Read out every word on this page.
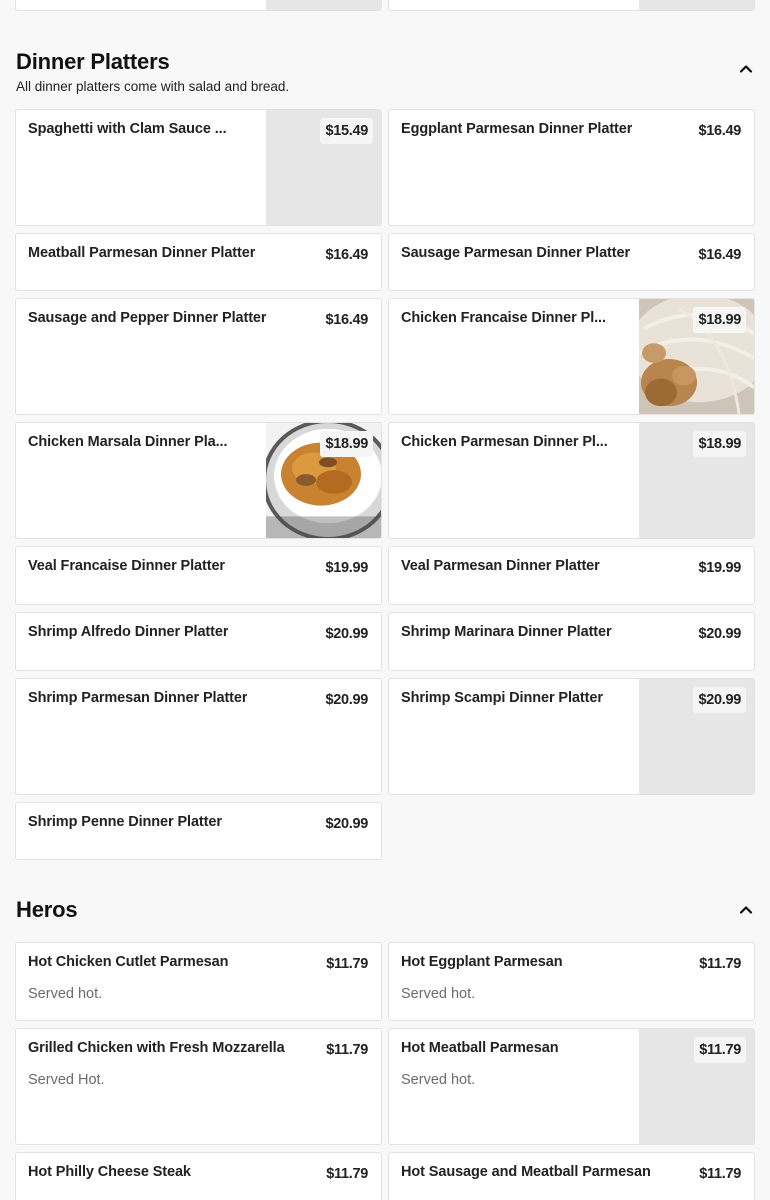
Dinner Platters
All dinner platters come with salad and bread.
Spaghetti with Clam Sauce ...	$15.49	Eggplant Parmesan Dinner Platter	$16.49
Meatball Parmesan Dinner Platter	$16.49 Sausage Parmesan Dinner Platter	$16.49
Sausage and Pepper Dinner Platter	$16.49 Chicken Francaise Dinner Pl...	$18.99
Chicken Marsala Dinner Pla...	$18.99	Chicken Parmesan Dinner Pl...	$18.99
Veal Francaise Dinner Platter	$19.99 Veal Parmesan Dinner Platter	$19.99
Shrimp Alfredo Dinner Platter	$20.99 Shrimp Marinara Dinner Platter	$20.99
Shrimp Parmesan Dinner Platter	$20.99 Shrimp Scampi Dinner Platter	$20.99
Shrimp Penne Dinner Platter	$20.99
Heros
Hot Chicken Cutlet Parmesan	$11.79
Served hot.
Hot Eggplant Parmesan	$11.79
Served hot.
Grilled Chicken with Fresh Mozzarella	$11.79
Served Hot.
Hot Meatball Parmesan
Served hot.
$11.79
Hot Philly Cheese Steak	$11.79 Hot Sausage and Meatball Parmesan	$11.79
